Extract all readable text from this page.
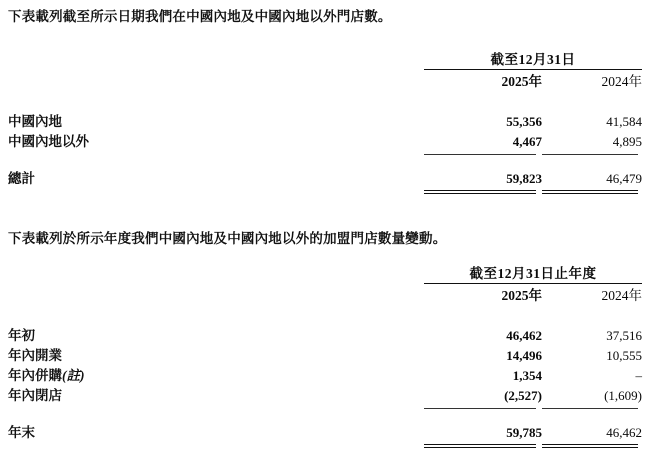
下表載列截至所示日期我們在中國內地及中國內地以外門店數。
	截至12月31日	

	2025年	2024年

中國內地	55,356	41,584
中國內地以外	4,467	4,895

總計	59,823	46,479

下表載列於所示年度我們中國內地及中國內地以外的加盟門店數量變動。
	截至12月31日止年度	

	2025年	2024年

年初	46,462	37,516
年內開業	14,496	10,555
年內併購(註)	1,354	–
年內閉店	(2,527)	(1,609)

年末	59,785	46,462
